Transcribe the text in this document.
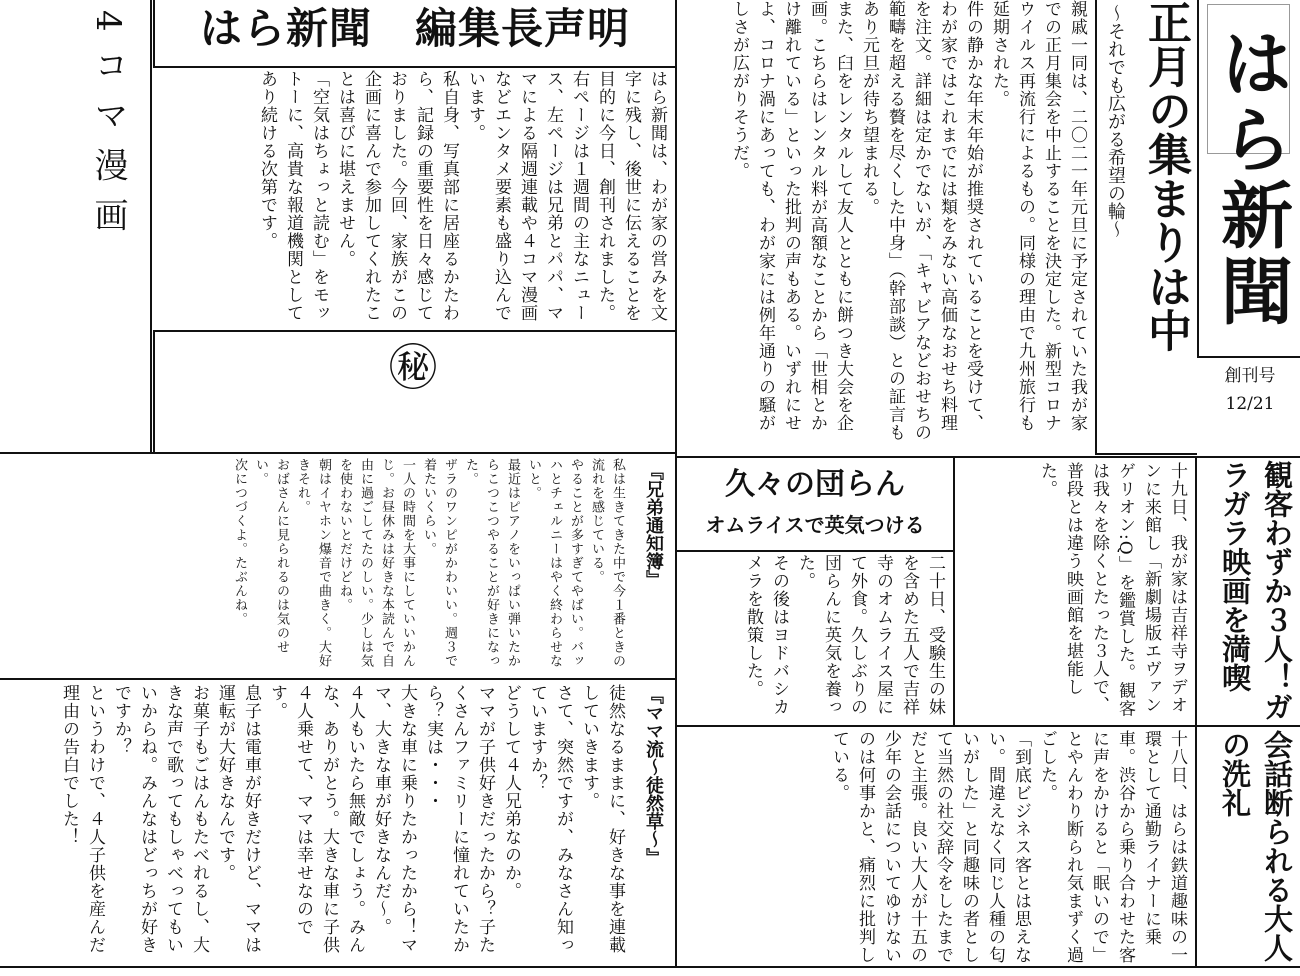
はら新聞
創刊号
12/21
正月の集まりは中
～それでも広がる希望の輪～
親戚一同は、二〇二一年元旦に予定されていた我が家での正月集会を中止することを決定した。新型コロナウイルス再流行によるもの。同様の理由で九州旅行も延期された。
件の静かな年末年始が推奨されていることを受けて、わが家ではこれまでには類をみない高価なおせち料理を注文。詳細は定かでないが、「キャビアなどおせちの範疇を超える贅を尽くした中身」（幹部談）との証言もあり元旦が待ち望まれる。
また、臼をレンタルして友人とともに餅つき大会を企画。こちらはレンタル料が高額なことから「世相とかけ離れている」といった批判の声もある。いずれにせよ、コロナ渦にあっても、わが家には例年通りの騒がしさが広がりそうだ。
はら新聞　編集長声明
はら新聞は、わが家の営みを文字に残し、後世に伝えることを目的に今日、創刊されました。
右ページは１週間の主なニュース、左ページは兄弟とパパ、ママによる隔週連載や４コマ漫画などエンタメ要素も盛り込んでいます。
私自身、写真部に居座るかたわら、記録の重要性を日々感じておりました。今回、家族がこの企画に喜んで参加してくれたことは喜びに堪えません。
「空気はちょっと読む」をモットーに、高貴な報道機関としてあり続ける次第です。
㊙
4コマ漫画
観客わずか３人！ガラガラ映画を満喫
十九日、我が家は吉祥寺ヲデオンに来館し「新劇場版エヴァンゲリオン:Q」を鑑賞した。観客は我々を除くとたった３人で、普段とは違う映画館を堪能した。
久々の団らん
オムライスで英気つける
二十日、受験生の妹を含めた五人で吉祥寺のオムライス屋にて外食。久しぶりの団らんに英気を養った。
その後はヨドバシカメラを散策した。
会話断られる大人の洗礼
十八日、はらは鉄道趣味の一環として通勤ライナーに乗車。渋谷から乗り合わせた客に声をかけると「眠いので」とやんわり断られ気まずく過ごした。
「到底ビジネス客とは思えない。間違えなく同じ人種の匂いがした」と同趣味の者として当然の社交辞令をしたまでだと主張。良い大人が十五の少年の会話についてゆけないのは何事かと、痛烈に批判している。
『兄弟通知簿』
私は生きてきた中で今１番ときの流れを感じている。
やることが多すぎてやばい。バッハとチェルニーはやく終わらせないと。
最近はピアノをいっぱい弾いたからこつこつやることが好きになった。
ザラのワンピがかわいい。週３で着たいくらい。
一人の時間を大事にしていいかんじ。お昼休みは好きな本読んで自由に過ごしてたのしい。少しは気を使わないとだけどね。
朝はイヤホン爆音で曲きく。大好きそれ。
おばさんに見られるのは気のせい。
次につづくよ。たぶんね。
『ママ流～徒然草～』
徒然なるままに、好きな事を連載していきます。
さて、突然ですが、みなさん知っていますか？
どうして４人兄弟なのか。
ママが子供好きだったから？子たくさんファミリーに憧れていたから？実は・・・
大きな車に乗りたかったから！ママ、大きな車が好きなんだ～。
４人もいたら無敵でしょう。みんな、ありがとう。大きな車に子供４人乗せて、ママは幸せなのです。
息子は電車が好きだけど、ママは運転が大好きなんです。
お菓子もごはんもたべれるし、大きな声で歌ってもしゃべってもいいからね。みんなはどっちが好きですか？
というわけで、４人子供を産んだ理由の告白でした！
